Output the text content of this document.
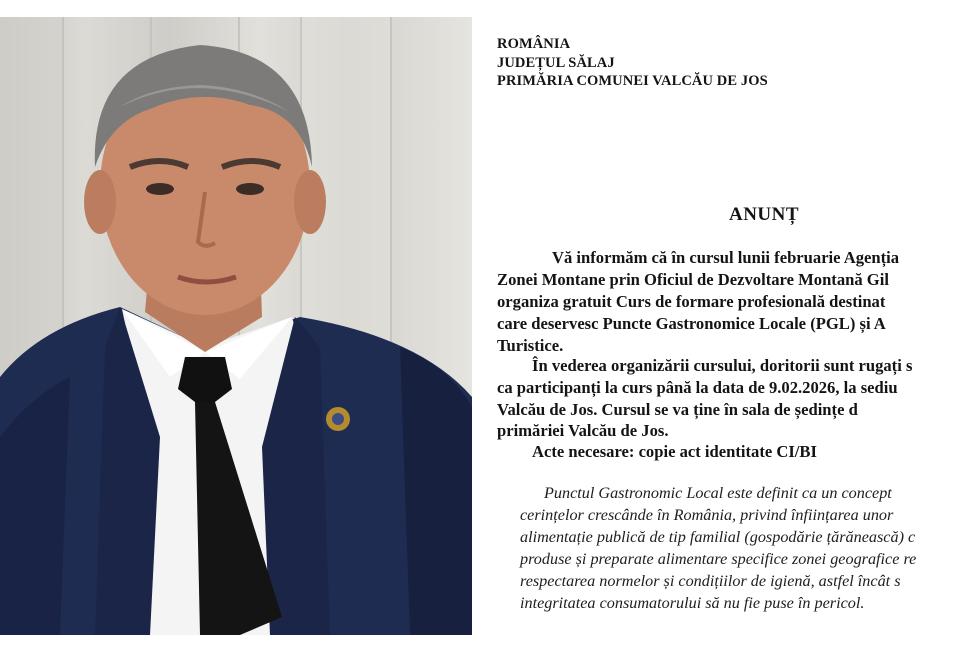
ROMÂNIA
JUDEȚUL SĂLAJ
PRIMĂRIA COMUNEI VALCĂU DE JOS
ANUNȚ
Vă informăm că în cursul lunii februarie Agenția
Zonei Montane prin Oficiul de Dezvoltare Montană Gil
organiza gratuit Curs de formare profesională destinat
care deservesc Puncte Gastronomice Locale (PGL) și A
Turistice.
În vederea organizării cursului, doritorii sunt rugați s
ca participanți la curs până la data de 9.02.2026, la sediu
Valcău de Jos. Cursul se va ține în sala de ședințe d
primăriei Valcău de Jos.
Acte necesare: copie act identitate CI/BI
Punctul Gastronomic Local este definit ca un concept
cerințelor crescânde în România, privind înființarea unor
alimentație publică de tip familial (gospodărie țărănească) c
produse și preparate alimentare specifice zonei geografice re
respectarea normelor și condițiilor de igienă, astfel încât s
integritatea consumatorului să nu fie puse în pericol.
